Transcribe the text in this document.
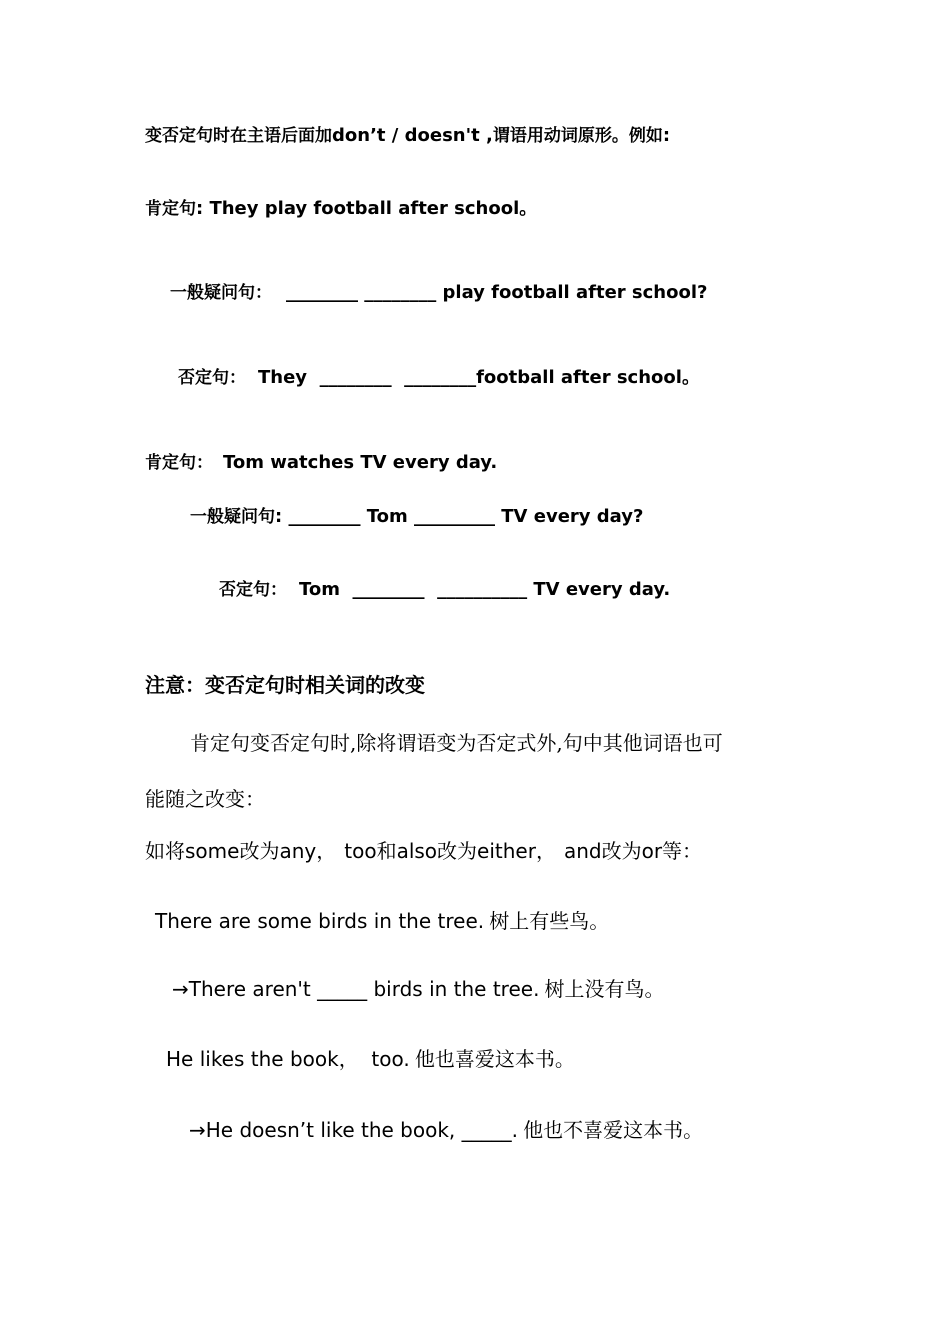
变否定句时在主语后面加don’t / doesn't ,谓语用动词原形。例如:
肯定句: They play football after school。
一般疑问句： ________ ________ play football after school?
否定句： They  ________  ________football after school。
肯定句： Tom watches TV every day.
一般疑问句: ________ Tom _________ TV every day?
否定句： Tom  ________  __________ TV every day.
注意：变否定句时相关词的改变
肯定句变否定句时,除将谓语变为否定式外,句中其他词语也可
能随之改变：
如将some改为any， too和also改为either， and改为or等：
There are some birds in the tree. 树上有些鸟。
→There aren't _____ birds in the tree. 树上没有鸟。
He likes the book，  too. 他也喜爱这本书。
→He doesn’t like the book, _____. 他也不喜爱这本书。
